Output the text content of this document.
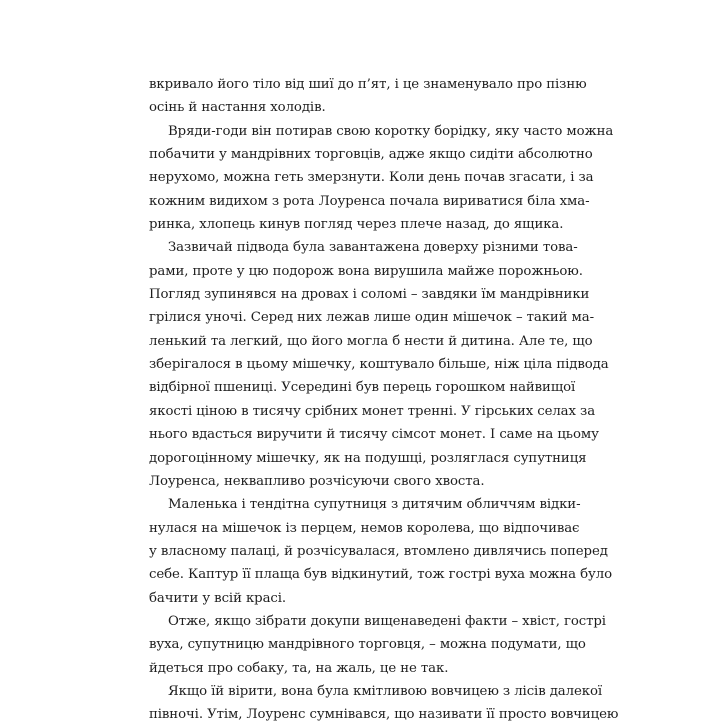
вкривало його тіло від шиї до п’ят, і це знаменувало про пізню
осінь й настання холодів.
Вряди-годи він потирав свою коротку борідку, яку часто можна
побачити у мандрівних торговців, адже якщо сидіти абсолютно
нерухомо, можна геть змерзнути. Коли день почав згасати, і за
кожним видихом з рота Лоуренса почала вириватися біла хма-
ринка, хлопець кинув погляд через плече назад, до ящика.
Зазвичай підвода була завантажена доверху різними това-
рами, проте у цю подорож вона вирушила майже порожньою.
Погляд зупинявся на дровах і соломі – завдяки їм мандрівники
грілися уночі. Серед них лежав лише один мішечок – такий ма-
ленький та легкий, що його могла б нести й дитина. Але те, що
зберігалося в цьому мішечку, коштувало більше, ніж ціла підвода
відбірної пшениці. Усередині був перець горошком найвищої
якості ціною в тисячу срібних монет тренні. У гірських селах за
нього вдасться виручити й тисячу сімсот монет. І саме на цьому
дорогоцінному мішечку, як на подушці, розляглася супутниця
Лоуренса, неквапливо розчісуючи свого хвоста.
Маленька і тендітна супутниця з дитячим обличчям відки-
нулася на мішечок із перцем, немов королева, що відпочиває
у власному палаці, й розчісувалася, втомлено дивлячись поперед
себе. Каптур її плаща був відкинутий, тож гострі вуха можна було
бачити у всій красі.
Отже, якщо зібрати докупи вищенаведені факти – хвіст, гострі
вуха, супутницю мандрівного торговця, – можна подумати, що
йдеться про собаку, та, на жаль, це не так.
Якщо їй вірити, вона була кмітливою вовчицею з лісів далекої
півночі. Утім, Лоуренс сумнівався, що називати її просто вовчицею
